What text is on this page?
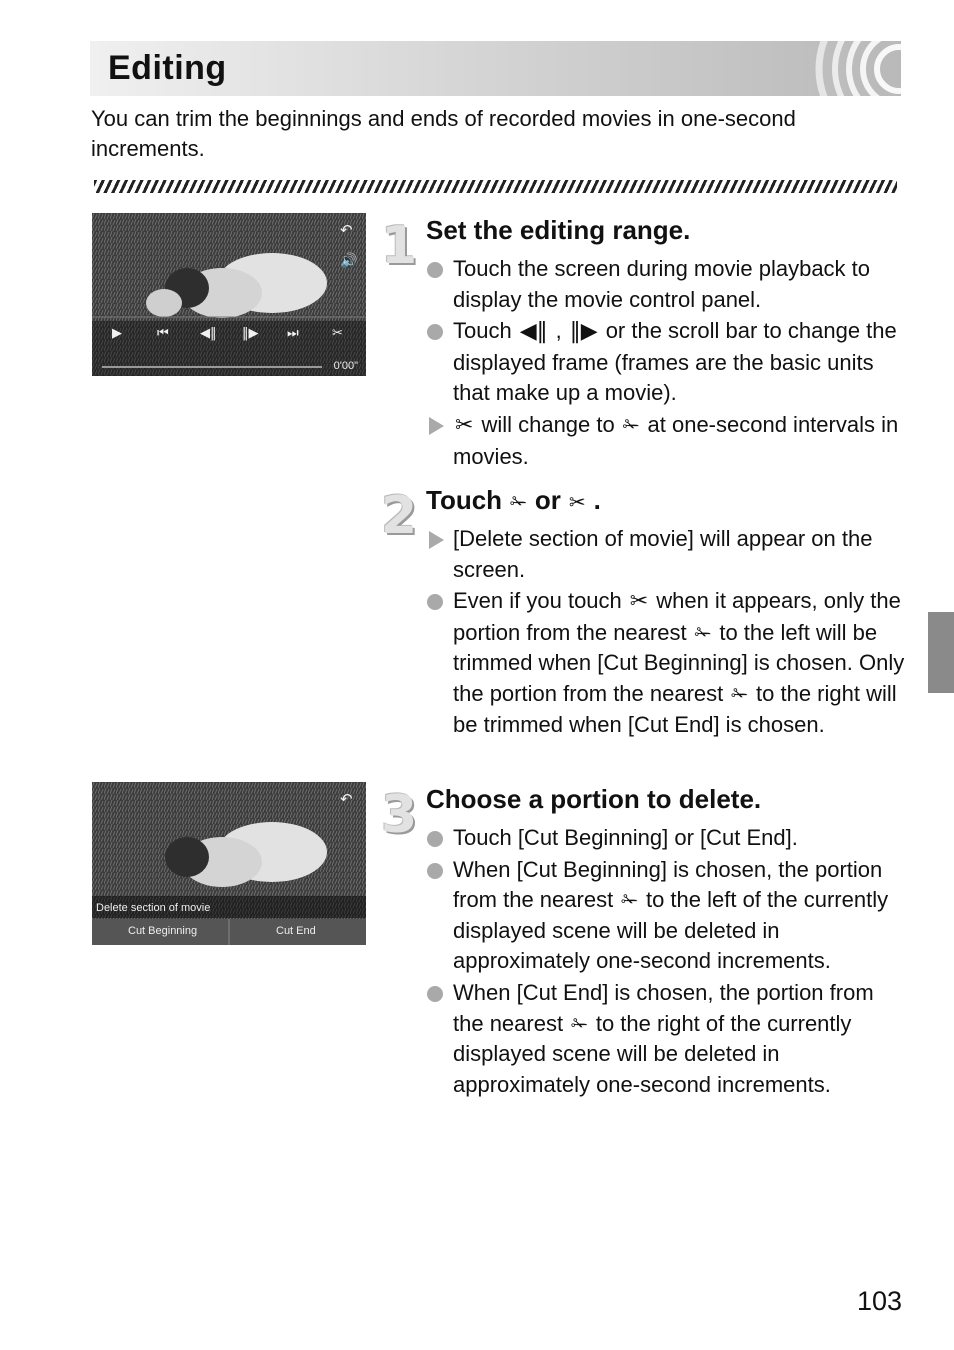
Editing
You can trim the beginnings and ends of recorded movies in one-second increments.
▶	⏮ ◀‖ ‖▶ ⏭	✂
↶
🔊
0'00"
↶
Delete section of movie
Cut Beginning	Cut End
1 Set the editing range.
Touch the screen during movie playback to display the movie control panel.
Touch ◀‖ , ‖▶ or the scroll bar to change the displayed frame (frames are the basic units that make up a movie).
✂ will change to ✁ at one-second intervals in movies.
2 Touch ✁ or ✂ .
[Delete section of movie] will appear on the screen.
Even if you touch ✂ when it appears, only the portion from the nearest ✁ to the left will be trimmed when [Cut Beginning] is chosen. Only the portion from the nearest ✁ to the right will be trimmed when [Cut End] is chosen.
3 Choose a portion to delete.
Touch [Cut Beginning] or [Cut End].
When [Cut Beginning] is chosen, the portion from the nearest ✁ to the left of the currently displayed scene will be deleted in approximately one-second increments.
When [Cut End] is chosen, the portion from the nearest ✁ to the right of the currently displayed scene will be deleted in approximately one-second increments.
103
